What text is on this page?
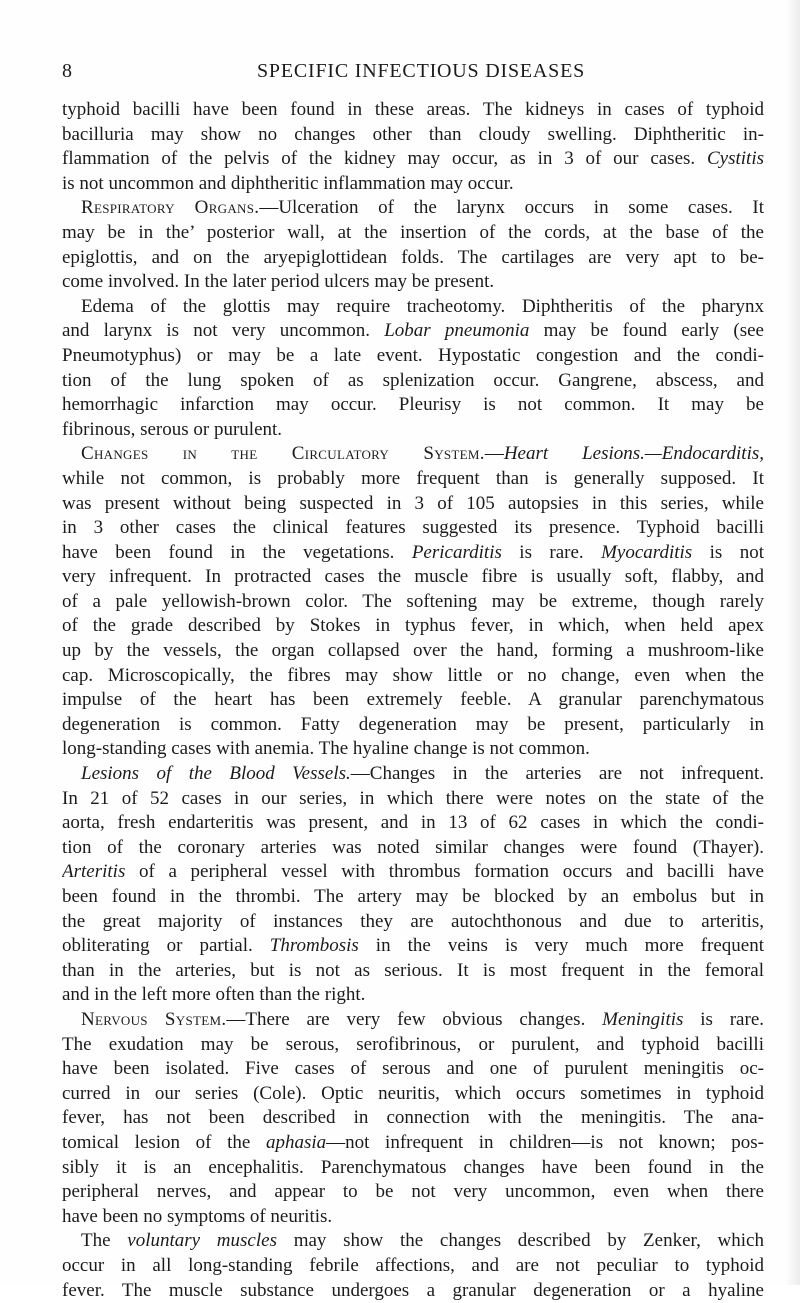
8	SPECIFIC INFECTIOUS DISEASES
typhoid bacilli have been found in these areas. The kidneys in cases of typhoid
bacilluria may show no changes other than cloudy swelling. Diphtheritic in-
flammation of the pelvis of the kidney may occur, as in 3 of our cases. Cystitis
is not uncommon and diphtheritic inflammation may occur.
Respiratory Organs.—Ulceration of the larynx occurs in some cases. It
may be in the’ posterior wall, at the insertion of the cords, at the base of the
epiglottis, and on the aryepiglottidean folds. The cartilages are very apt to be-
come involved. In the later period ulcers may be present.
Edema of the glottis may require tracheotomy. Diphtheritis of the pharynx
and larynx is not very uncommon. Lobar pneumonia may be found early (see
Pneumotyphus) or may be a late event. Hypostatic congestion and the condi-
tion of the lung spoken of as splenization occur. Gangrene, abscess, and
hemorrhagic infarction may occur. Pleurisy is not common. It may be
fibrinous, serous or purulent.
Changes in the Circulatory System.—Heart Lesions.—Endocarditis,
while not common, is probably more frequent than is generally supposed. It
was present without being suspected in 3 of 105 autopsies in this series, while
in 3 other cases the clinical features suggested its presence. Typhoid bacilli
have been found in the vegetations. Pericarditis is rare. Myocarditis is not
very infrequent. In protracted cases the muscle fibre is usually soft, flabby, and
of a pale yellowish-brown color. The softening may be extreme, though rarely
of the grade described by Stokes in typhus fever, in which, when held apex
up by the vessels, the organ collapsed over the hand, forming a mushroom-like
cap. Microscopically, the fibres may show little or no change, even when the
impulse of the heart has been extremely feeble. A granular parenchymatous
degeneration is common. Fatty degeneration may be present, particularly in
long-standing cases with anemia. The hyaline change is not common.
Lesions of the Blood Vessels.—Changes in the arteries are not infrequent.
In 21 of 52 cases in our series, in which there were notes on the state of the
aorta, fresh endarteritis was present, and in 13 of 62 cases in which the condi-
tion of the coronary arteries was noted similar changes were found (Thayer).
Arteritis of a peripheral vessel with thrombus formation occurs and bacilli have
been found in the thrombi. The artery may be blocked by an embolus but in
the great majority of instances they are autochthonous and due to arteritis,
obliterating or partial. Thrombosis in the veins is very much more frequent
than in the arteries, but is not as serious. It is most frequent in the femoral
and in the left more often than the right.
Nervous System.—There are very few obvious changes. Meningitis is rare.
The exudation may be serous, serofibrinous, or purulent, and typhoid bacilli
have been isolated. Five cases of serous and one of purulent meningitis oc-
curred in our series (Cole). Optic neuritis, which occurs sometimes in typhoid
fever, has not been described in connection with the meningitis. The ana-
tomical lesion of the aphasia—not infrequent in children—is not known; pos-
sibly it is an encephalitis. Parenchymatous changes have been found in the
peripheral nerves, and appear to be not very uncommon, even when there
have been no symptoms of neuritis.
The voluntary muscles may show the changes described by Zenker, which
occur in all long-standing febrile affections, and are not peculiar to typhoid
fever. The muscle substance undergoes a granular degeneration or a hyaline
